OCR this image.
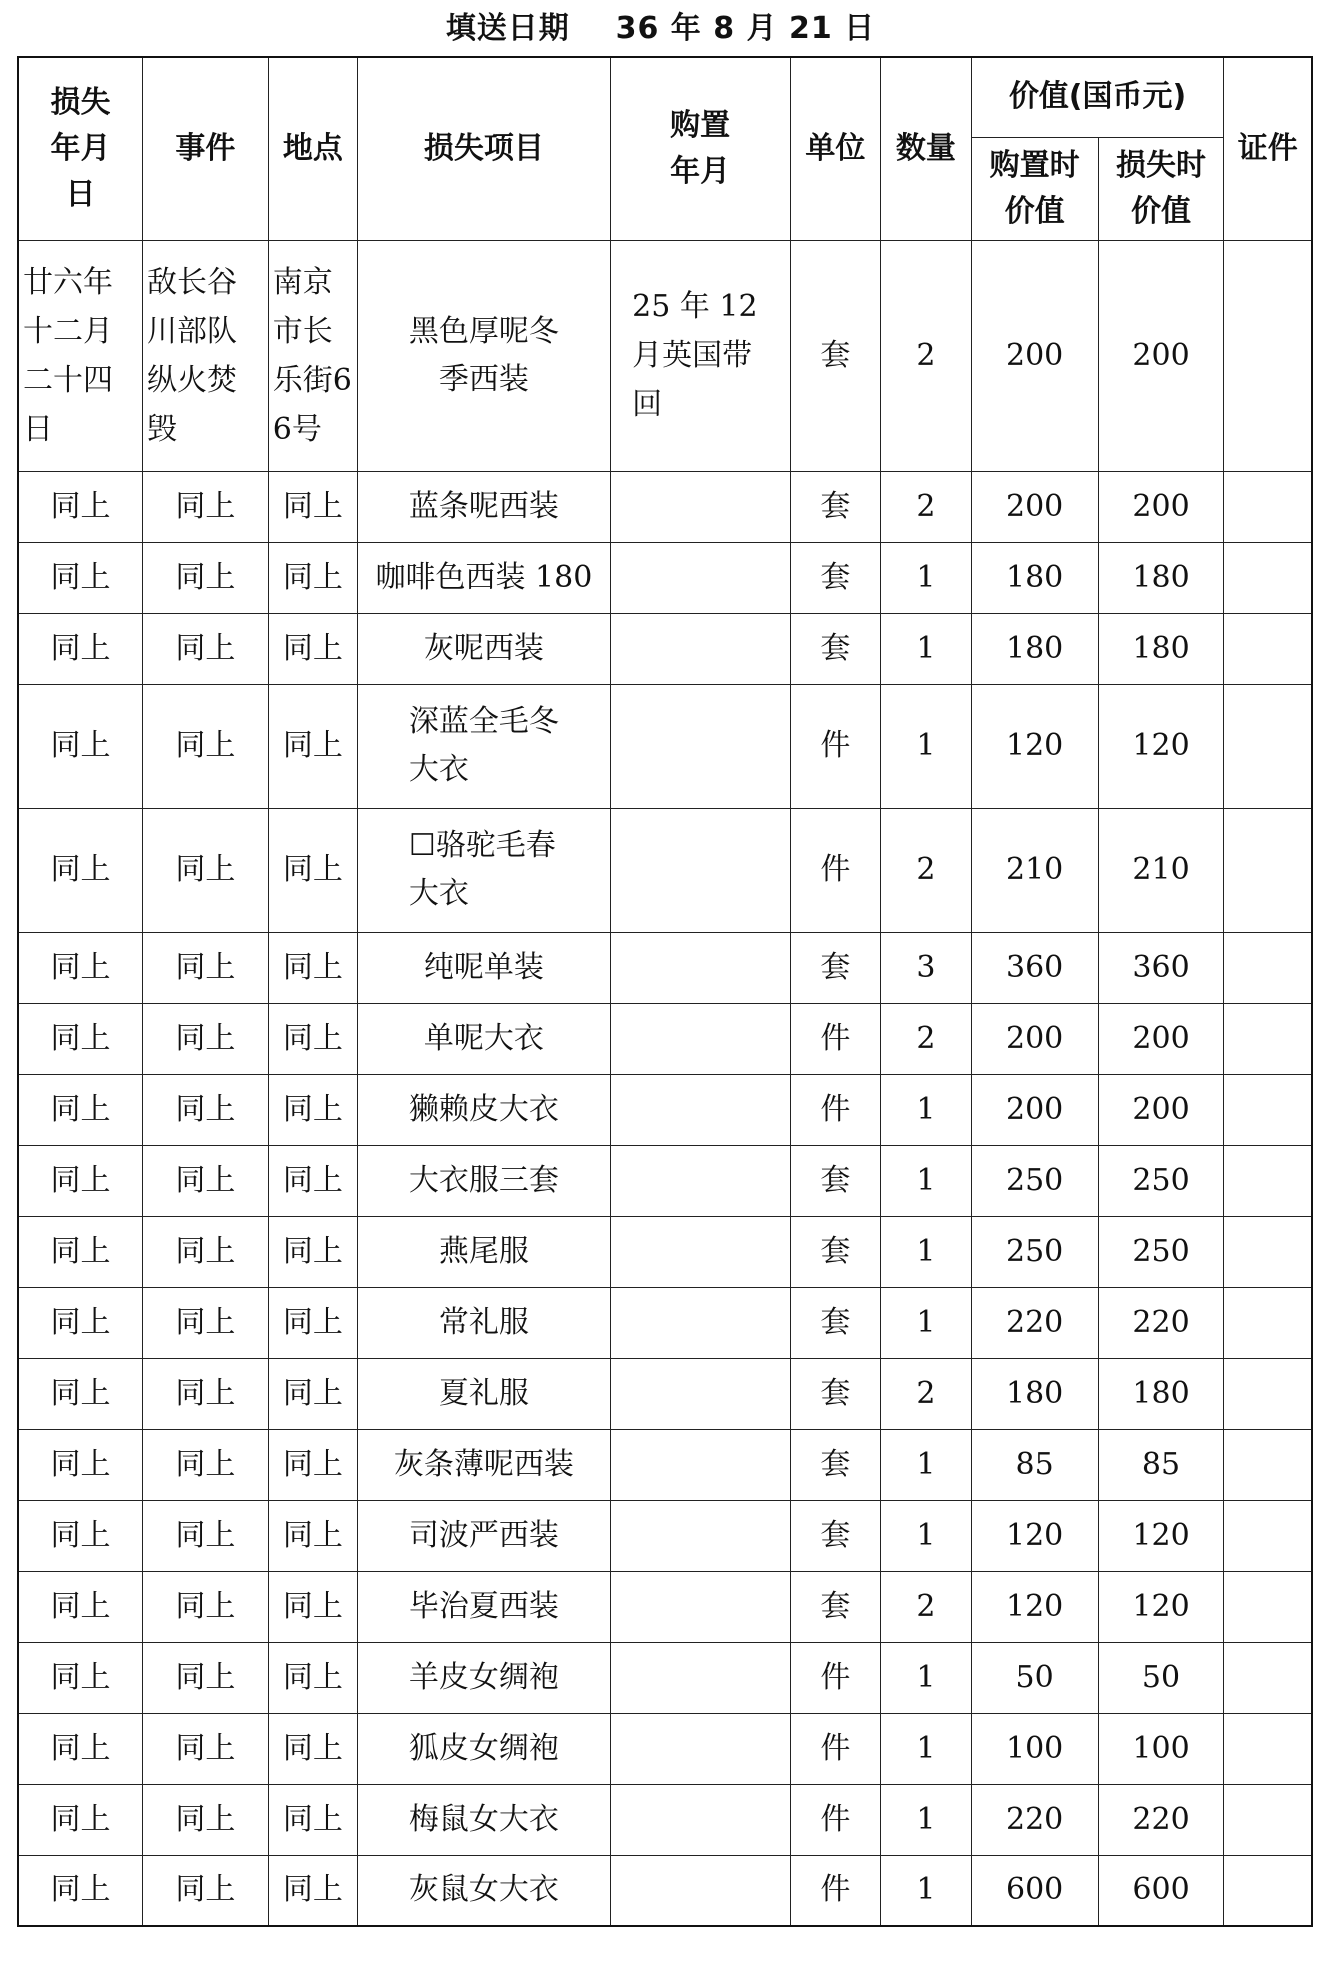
填送日期 36 年 8 月 21 日
损失年月日	事件	地点	损失项目	购置年月	单位	数量	价值(国币元)		证件

							购置时价值	损失时价值	

廿六年十二月二十四日	敌长谷川部队纵火焚毁	南京市长乐街66号	黑色厚呢冬季西装	25 年 12 月英国带回	套	2	200	200	

同上	同上	同上	蓝条呢西装		套	2	200	200	

同上	同上	同上	咖啡色西装 180		套	1	180	180	

同上	同上	同上	灰呢西装		套	1	180	180	

同上	同上	同上	深蓝全毛冬大衣		件	1	120	120	

同上	同上	同上	☐骆驼毛春大衣		件	2	210	210	

同上	同上	同上	纯呢单装		套	3	360	360	

同上	同上	同上	单呢大衣		件	2	200	200	

同上	同上	同上	獭赖皮大衣		件	1	200	200	

同上	同上	同上	大衣服三套		套	1	250	250	

同上	同上	同上	燕尾服		套	1	250	250	

同上	同上	同上	常礼服		套	1	220	220	

同上	同上	同上	夏礼服		套	2	180	180	

同上	同上	同上	灰条薄呢西装		套	1	85	85	

同上	同上	同上	司波严西装		套	1	120	120	

同上	同上	同上	毕治夏西装		套	2	120	120	

同上	同上	同上	羊皮女绸袍		件	1	50	50	

同上	同上	同上	狐皮女绸袍		件	1	100	100	

同上	同上	同上	梅鼠女大衣		件	1	220	220	

同上	同上	同上	灰鼠女大衣		件	1	600	600	
